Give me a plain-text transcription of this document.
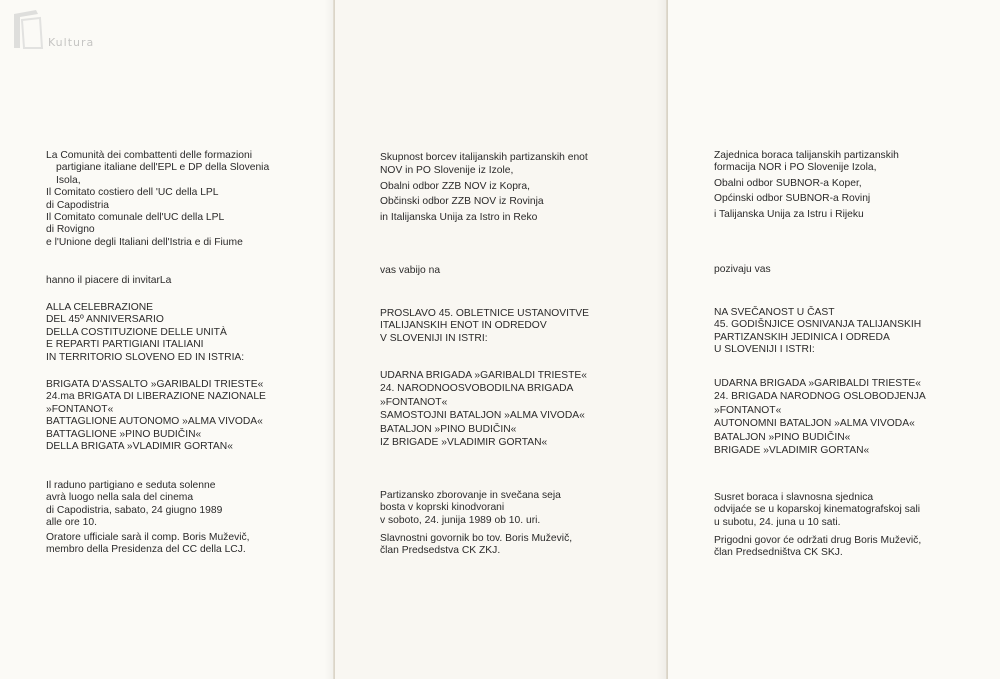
Kultura
La Comunità dei combattenti delle formazioni
partigiane italiane dell'EPL e DP della Slovenia
Isola,
Il Comitato costiero dell 'UC della LPL
di Capodistria
Il Comitato comunale dell'UC della LPL
di Rovigno
e l'Unione degli Italiani dell'Istria e di Fiume
hanno il piacere di invitarLa
ALLA CELEBRAZIONE
DEL 45º ANNIVERSARIO
DELLA COSTITUZIONE DELLE UNITÀ
E REPARTI PARTIGIANI ITALIANI
IN TERRITORIO SLOVENO ED IN ISTRIA:
BRIGATA D'ASSALTO »GARIBALDI TRIESTE«
24.ma BRIGATA DI LIBERAZIONE NAZIONALE
»FONTANOT«
BATTAGLIONE AUTONOMO »ALMA VIVODA«
BATTAGLIONE »PINO BUDIČIN«
DELLA BRIGATA »VLADIMIR GORTAN«
Il raduno partigiano e seduta solenne
avrà luogo nella sala del cinema
di Capodistria, sabato, 24 giugno 1989
alle ore 10.
Oratore ufficiale sarà il comp. Boris Muževič,
membro della Presidenza del CC della LCJ.
Skupnost borcev italijanskih partizanskih enot
NOV in PO Slovenije iz Izole,
Obalni odbor ZZB NOV iz Kopra,
Občinski odbor ZZB NOV iz Rovinja
in Italijanska Unija za Istro in Reko
vas vabijo na
PROSLAVO 45. OBLETNICE USTANOVITVE
ITALIJANSKIH ENOT IN ODREDOV
V SLOVENIJI IN ISTRI:
UDARNA BRIGADA »GARIBALDI TRIESTE«
24. NARODNOOSVOBODILNA BRIGADA
»FONTANOT«
SAMOSTOJNI BATALJON »ALMA VIVODA«
BATALJON »PINO BUDIČIN«
IZ BRIGADE »VLADIMIR GORTAN«
Partizansko zborovanje in svečana seja
bosta v koprski kinodvorani
v soboto, 24. junija 1989 ob 10. uri.
Slavnostni govornik bo tov. Boris Muževič,
član Predsedstva CK ZKJ.
Zajednica boraca talijanskih partizanskih
formacija NOR i PO Slovenije Izola,
Obalni odbor SUBNOR-a Koper,
Općinski odbor SUBNOR-a Rovinj
i Talijanska Unija za Istru i Rijeku
pozivaju vas
NA SVEČANOST U ČAST
45. GODIŠNJICE OSNIVANJA TALIJANSKIH
PARTIZANSKIH JEDINICA I ODREDA
U SLOVENIJI I ISTRI:
UDARNA BRIGADA »GARIBALDI TRIESTE«
24. BRIGADA NARODNOG OSLOBODJENJA
»FONTANOT«
AUTONOMNI BATALJON »ALMA VIVODA«
BATALJON »PINO BUDIČIN«
BRIGADE »VLADIMIR GORTAN«
Susret boraca i slavnosna sjednica
odvijaće se u koparskoj kinematografskoj sali
u subotu, 24. juna u 10 sati.
Prigodni govor će održati drug Boris Muževič,
član Predsedništva CK SKJ.
